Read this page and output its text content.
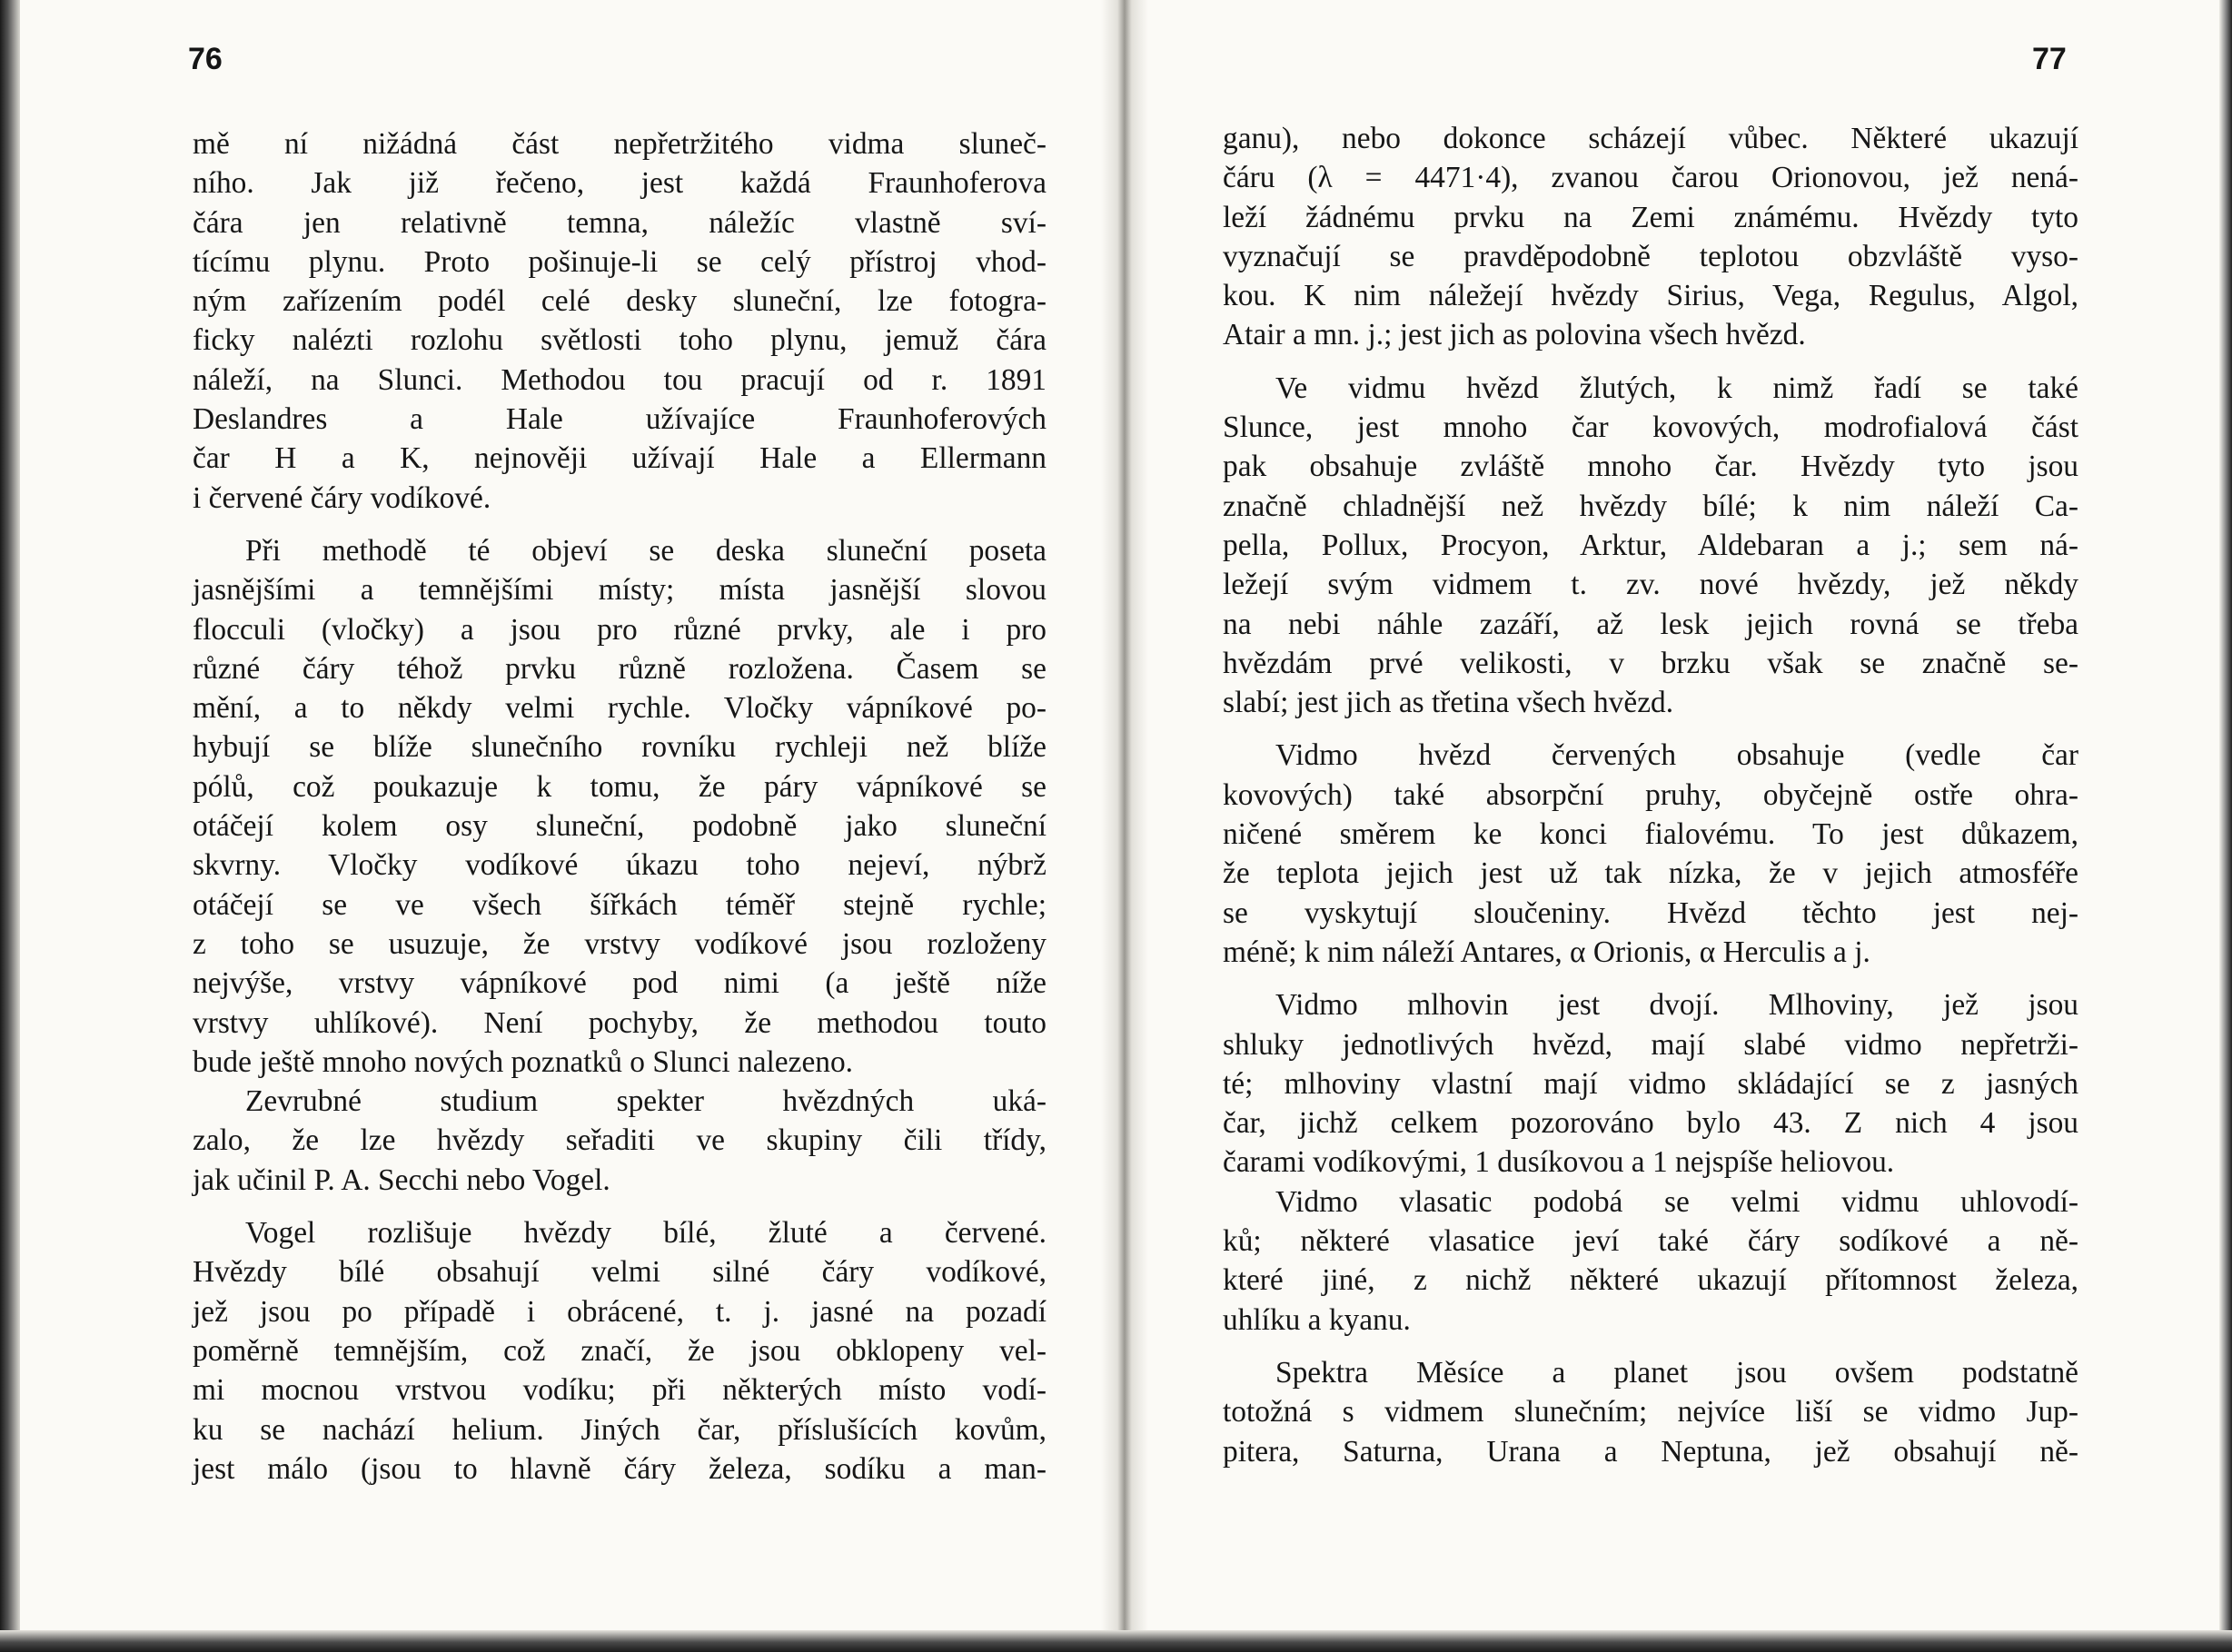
76	77
mě ní nižádná část nepřetržitého vidma sluneč-
ního. Jak již řečeno, jest každá Fraunhoferova
čára jen relativně temna, náležíc vlastně sví-
tícímu plynu. Proto pošinuje-li se celý přístroj vhod-
ným zařízením podél celé desky sluneční, lze fotogra-
ficky nalézti rozlohu světlosti toho plynu, jemuž čára
náleží, na Slunci. Methodou tou pracují od r. 1891
Deslandres a Hale užívajíce Fraunhoferových
čar H a K, nejnověji užívají Hale a Ellermann
i červené čáry vodíkové.
Při methodě té objeví se deska sluneční poseta
jasnějšími a temnějšími místy; místa jasnější slovou
flocculi (vločky) a jsou pro různé prvky, ale i pro
různé čáry téhož prvku různě rozložena. Časem se
mění, a to někdy velmi rychle. Vločky vápníkové po-
hybují se blíže slunečního rovníku rychleji než blíže
pólů, což poukazuje k tomu, že páry vápníkové se
otáčejí kolem osy sluneční, podobně jako sluneční
skvrny. Vločky vodíkové úkazu toho nejeví, nýbrž
otáčejí se ve všech šířkách téměř stejně rychle;
z toho se usuzuje, že vrstvy vodíkové jsou rozloženy
nejvýše, vrstvy vápníkové pod nimi (a ještě níže
vrstvy uhlíkové). Není pochyby, že methodou touto
bude ještě mnoho nových poznatků o Slunci nalezeno.
Zevrubné studium spekter hvězdných uká-
zalo, že lze hvězdy seřaditi ve skupiny čili třídy,
jak učinil P. A. Secchi nebo Vogel.
Vogel rozlišuje hvězdy bílé, žluté a červené.
Hvězdy bílé obsahují velmi silné čáry vodíkové,
jež jsou po případě i obrácené, t. j. jasné na pozadí
poměrně temnějším, což značí, že jsou obklopeny vel-
mi mocnou vrstvou vodíku; při některých místo vodí-
ku se nachází helium. Jiných čar, příslušících kovům,
jest málo (jsou to hlavně čáry železa, sodíku a man-
ganu), nebo dokonce scházejí vůbec. Některé ukazují
čáru (λ = 4471·4), zvanou čarou Orionovou, jež nená-
leží žádnému prvku na Zemi známému. Hvězdy tyto
vyznačují se pravděpodobně teplotou obzvláště vyso-
kou. K nim náležejí hvězdy Sirius, Vega, Regulus, Algol,
Atair a mn. j.; jest jich as polovina všech hvězd.
Ve vidmu hvězd žlutých, k nimž řadí se také
Slunce, jest mnoho čar kovových, modrofialová část
pak obsahuje zvláště mnoho čar. Hvězdy tyto jsou
značně chladnější než hvězdy bílé; k nim náleží Ca-
pella, Pollux, Procyon, Arktur, Aldebaran a j.; sem ná-
ležejí svým vidmem t. zv. nové hvězdy, jež někdy
na nebi náhle zazáří, až lesk jejich rovná se třeba
hvězdám prvé velikosti, v brzku však se značně se-
slabí; jest jich as třetina všech hvězd.
Vidmo hvězd červených obsahuje (vedle čar
kovových) také absorpční pruhy, obyčejně ostře ohra-
ničené směrem ke konci fialovému. To jest důkazem,
že teplota jejich jest už tak nízka, že v jejich atmosféře
se vyskytují sloučeniny. Hvězd těchto jest nej-
méně; k nim náleží Antares, α Orionis, α Herculis a j.
Vidmo mlhovin jest dvojí. Mlhoviny, jež jsou
shluky jednotlivých hvězd, mají slabé vidmo nepřetrži-
té; mlhoviny vlastní mají vidmo skládající se z jasných
čar, jichž celkem pozorováno bylo 43. Z nich 4 jsou
čarami vodíkovými, 1 dusíkovou a 1 nejspíše heliovou.
Vidmo vlasatic podobá se velmi vidmu uhlovodí-
ků; některé vlasatice jeví také čáry sodíkové a ně-
které jiné, z nichž některé ukazují přítomnost železa,
uhlíku a kyanu.
Spektra Měsíce a planet jsou ovšem podstatně
totožná s vidmem slunečním; nejvíce liší se vidmo Jup-
pitera, Saturna, Urana a Neptuna, jež obsahují ně-
